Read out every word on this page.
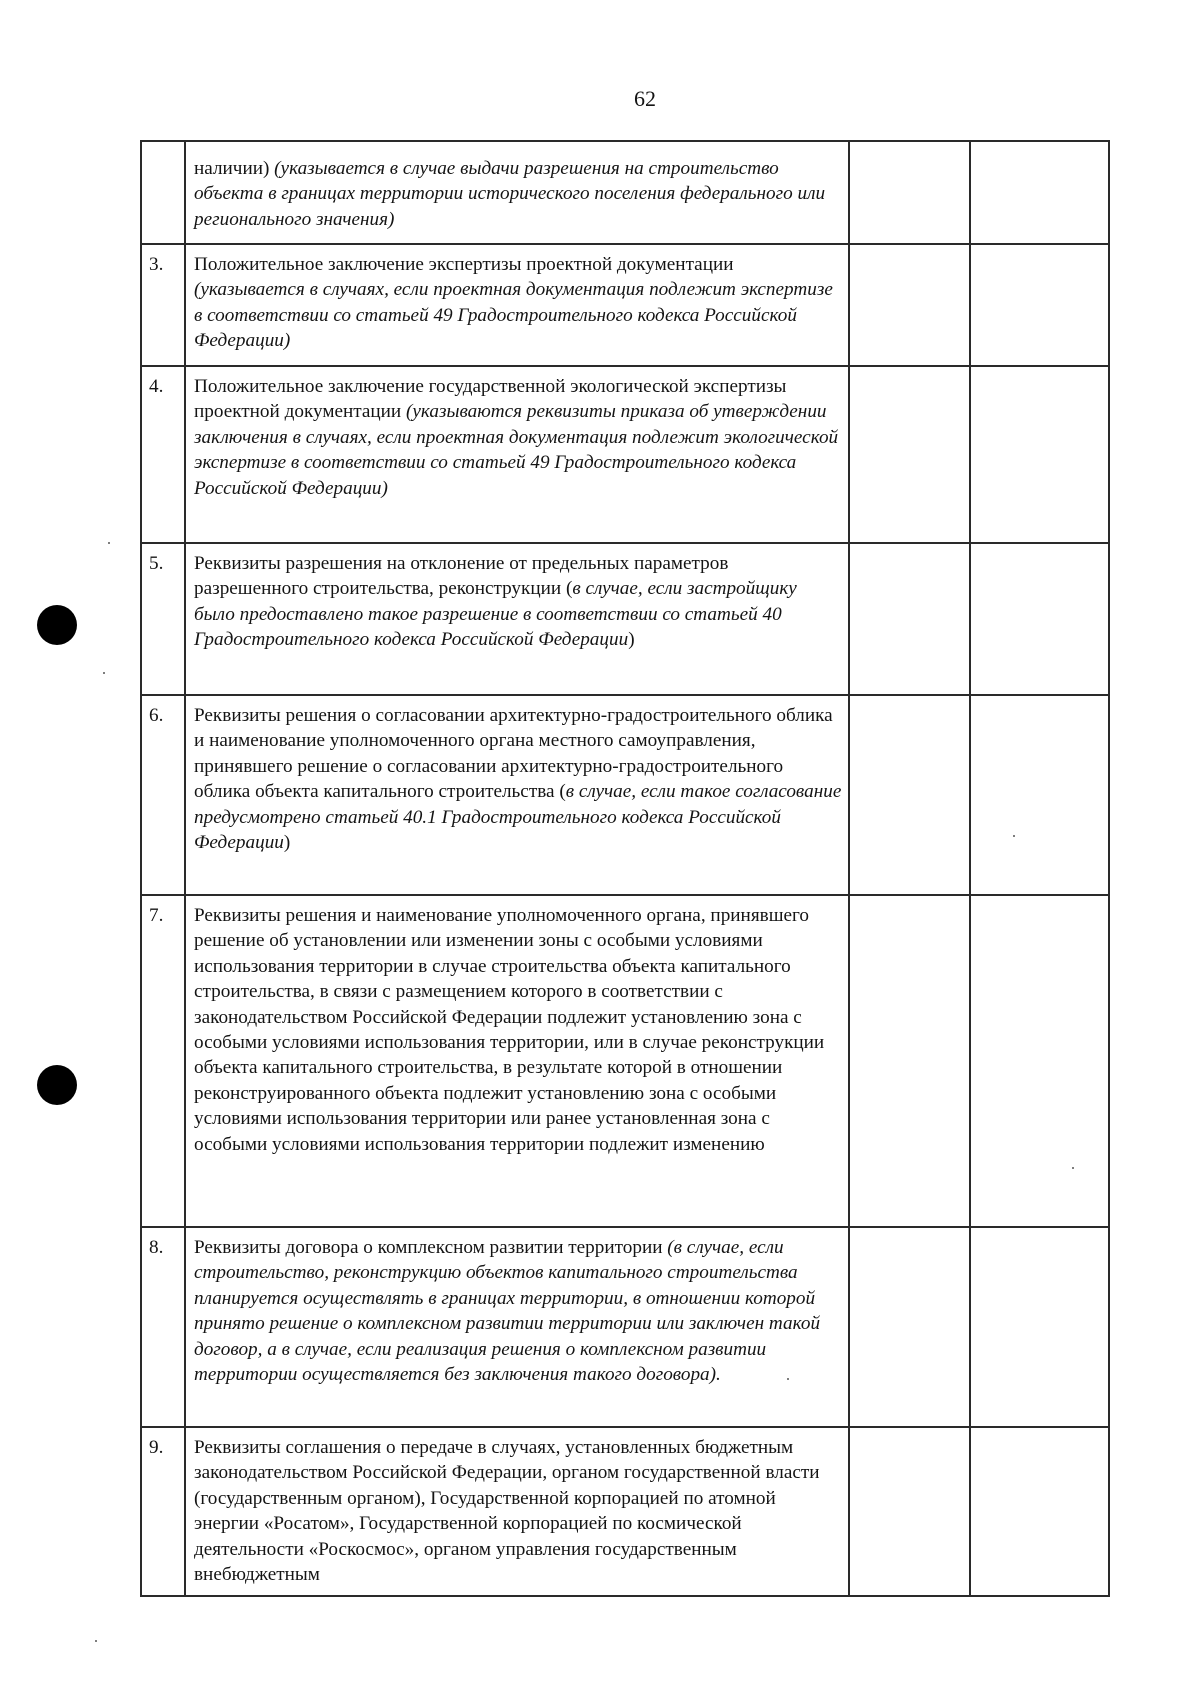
62
	наличии) (указывается в случае выдачи разрешения на строительство объекта в границах территории исторического поселения федерального или регионального значения)		
3.	Положительное заключение экспертизы проектной документации (указывается в случаях, если проектная документация подлежит экспертизе в соответствии со статьей 49 Градостроительного кодекса Российской Федерации)		
4.	Положительное заключение государственной экологической экспертизы проектной документации (указываются реквизиты приказа об утверждении заключения в случаях, если проектная документация подлежит экологической экспертизе в соответствии со статьей 49 Градостроительного кодекса Российской Федерации)		
5.	Реквизиты разрешения на отклонение от предельных параметров разрешенного строительства, реконструкции (в случае, если застройщику было предоставлено такое разрешение в соответствии со статьей 40 Градостроительного кодекса Российской Федерации)		
6.	Реквизиты решения о согласовании архитектурно-градостроительного облика и наименование уполномоченного органа местного самоуправления, принявшего решение о согласовании архитектурно-градостроительного облика объекта капитального строительства (в случае, если такое согласование предусмотрено статьей 40.1 Градостроительного кодекса Российской Федерации)		
7.	Реквизиты решения и наименование уполномоченного органа, принявшего решение об установлении или изменении зоны с особыми условиями использования территории в случае строительства объекта капитального строительства, в связи с размещением которого в соответствии с законодательством Российской Федерации подлежит установлению зона с особыми условиями использования территории, или в случае реконструкции объекта капитального строительства, в результате которой в отношении реконструированного объекта подлежит установлению зона с особыми условиями использования территории или ранее установленная зона с особыми условиями использования территории подлежит изменению		
8.	Реквизиты договора о комплексном развитии территории (в случае, если строительство, реконструкцию объектов капитального строительства планируется осуществлять в границах территории, в отношении которой принято решение о комплексном развитии территории или заключен такой договор, а в случае, если реализация решения о комплексном развитии территории осуществляется без заключения такого договора).		
9.	Реквизиты соглашения о передаче в случаях, установленных бюджетным законодательством Российской Федерации, органом государственной власти (государственным органом), Государственной корпорацией по атомной энергии «Росатом», Государственной корпорацией по космической деятельности «Роскосмос», органом управления государственным внебюджетным		
